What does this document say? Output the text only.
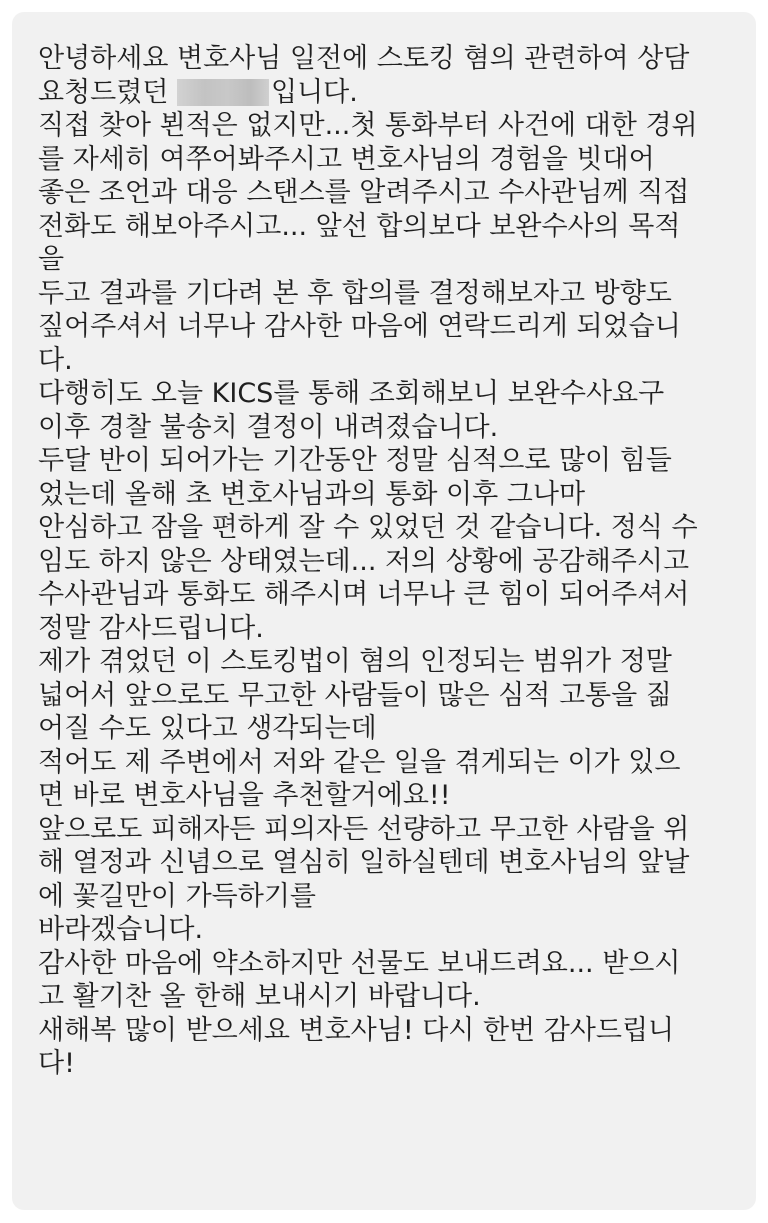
안녕하세요 변호사님 일전에 스토킹 혐의 관련하여 상담
요청드렸던	입니다.
직접 찾아 뵌적은 없지만...첫 통화부터 사건에 대한 경위
를 자세히 여쭈어봐주시고 변호사님의 경험을 빗대어
좋은 조언과 대응 스탠스를 알려주시고 수사관님께 직접
전화도 해보아주시고... 앞선 합의보다 보완수사의 목적
을
두고 결과를 기다려 본 후 합의를 결정해보자고 방향도
짚어주셔서 너무나 감사한 마음에 연락드리게 되었습니
다.
다행히도 오늘 KICS를 통해 조회해보니 보완수사요구
이후 경찰 불송치 결정이 내려졌습니다.
두달 반이 되어가는 기간동안 정말 심적으로 많이 힘들
었는데 올해 초 변호사님과의 통화 이후 그나마
안심하고 잠을 편하게 잘 수 있었던 것 같습니다. 정식 수
임도 하지 않은 상태였는데... 저의 상황에 공감해주시고
수사관님과 통화도 해주시며 너무나 큰 힘이 되어주셔서
정말 감사드립니다.
제가 겪었던 이 스토킹법이 혐의 인정되는 범위가 정말
넓어서 앞으로도 무고한 사람들이 많은 심적 고통을 짊
어질 수도 있다고 생각되는데
적어도 제 주변에서 저와 같은 일을 겪게되는 이가 있으
면 바로 변호사님을 추천할거에요!!
앞으로도 피해자든 피의자든 선량하고 무고한 사람을 위
해 열정과 신념으로 열심히 일하실텐데 변호사님의 앞날
에 꽃길만이 가득하기를
바라겠습니다.
감사한 마음에 약소하지만 선물도 보내드려요... 받으시
고 활기찬 올 한해 보내시기 바랍니다.
새해복 많이 받으세요 변호사님! 다시 한번 감사드립니
다!
